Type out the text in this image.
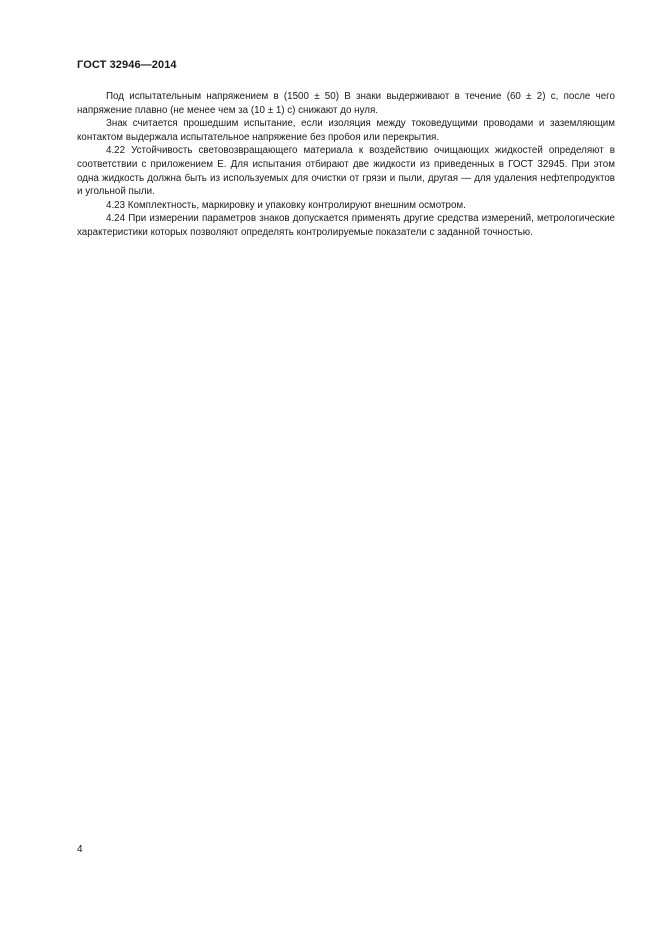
ГОСТ 32946—2014

Под испытательным напряжением в (1500 ± 50) В знаки выдерживают в течение (60 ± 2) с, после чего напряжение плавно (не менее чем за (10 ± 1) с) снижают до нуля.

Знак считается прошедшим испытание, если изоляция между токоведущими проводами и заземляющим контактом выдержала испытательное напряжение без пробоя или перекрытия.

4.22 Устойчивость световозвращающего материала к воздействию очищающих жидкостей определяют в соответствии с приложением Е. Для испытания отбирают две жидкости из приведенных в ГОСТ 32945. При этом одна жидкость должна быть из используемых для очистки от грязи и пыли, другая — для удаления нефтепродуктов и угольной пыли.

4.23 Комплектность, маркировку и упаковку контролируют внешним осмотром.

4.24 При измерении параметров знаков допускается применять другие средства измерений, метрологические характеристики которых позволяют определять контролируемые показатели с заданной точностью.

4
